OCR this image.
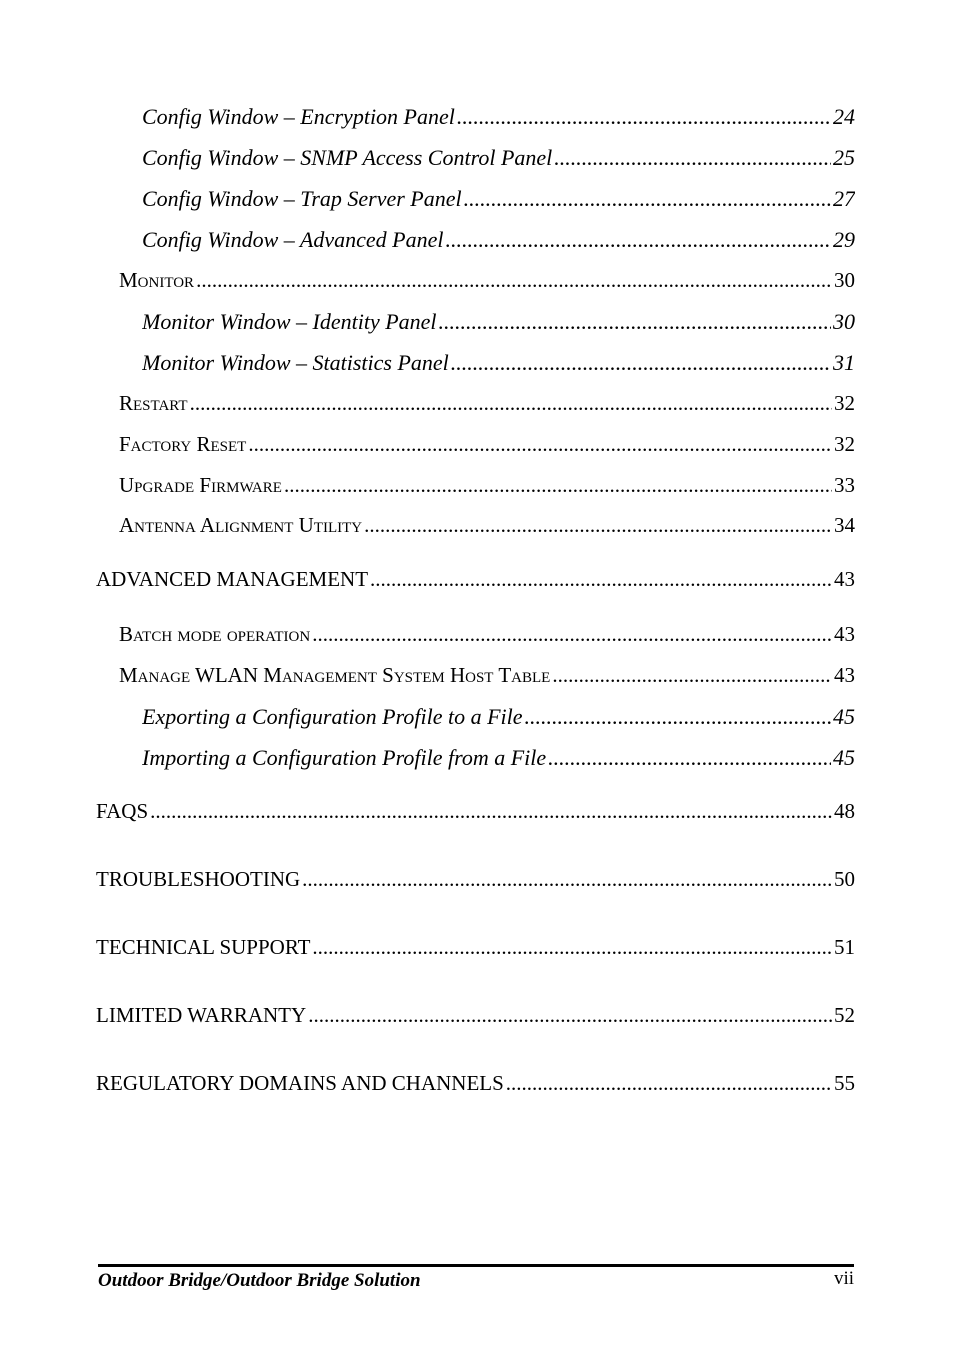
Config Window – Encryption Panel .....	24
Config Window – SNMP Access Control Panel .....	25
Config Window – Trap Server Panel .....	27
Config Window – Advanced Panel .....	29
Monitor .....	30
Monitor Window – Identity Panel .....	30
Monitor Window – Statistics Panel .....	31
Restart .....	32
Factory Reset .....	32
Upgrade Firmware .....	33
Antenna Alignment Utility .....	34
ADVANCED MANAGEMENT .....	43
Batch mode operation .....	43
Manage WLAN Management System Host Table .....	43
Exporting a Configuration Profile to a File .....	45
Importing a Configuration Profile from a File .....	45
FAQS .....	48
TROUBLESHOOTING .....	50
TECHNICAL SUPPORT .....	51
LIMITED WARRANTY .....	52
REGULATORY DOMAINS AND CHANNELS .....	55
Outdoor Bridge/Outdoor Bridge Solution	vii
